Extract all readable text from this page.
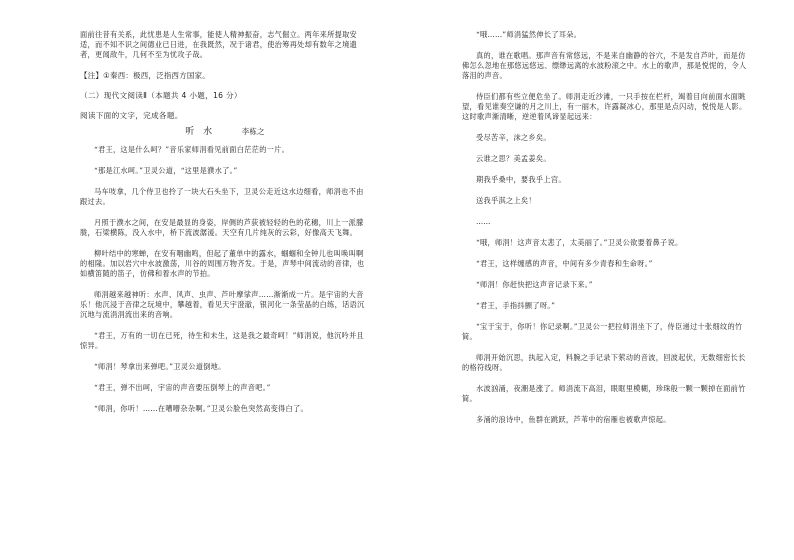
面前往昔有关系，此忧患是人生常事，能使人精神振奋，志气倔立。两年来所提取安适，而不知不识之间德业已日进，在我既然，况于诸君，使治筹再处却有数年之境遗者，更闻敌牛，几何不至为忧攻子哉。

【注】①秦西：极西，泛指西方国家。

（二）现代文阅读Ⅱ（本题共 4 小题，16 分）

阅读下面的文字，完成各题。

听 水	李栋之

“君王，这是什么呵？”音乐家师涓看见前面白茫茫的一片。

“那是江水呵。”卫灵公道，“这里是濮水了。”

马车吱拿，几个侍卫也拎了一块大石头坐下，卫灵公走近这水边细看，师涓也不由跟过去。

月照于濮水之间，在安是最显的身姿，岸侧的芦荻被轻轻的色的花穗，川上一派朦胧，石梁横陈，没入水中，桥下流波潺湲。天空有几片纯灰的云彩，好像高天飞舞。

柳叶结中的寒蝉，在安有咽幽鸣，但起了董单中的露水，蝈蝈和全钟儿也叫唤叫啊的相隆。加以岩穴中水波激荡，川谷的周围万物齐发。于是，声琴中间流动的音律，也如横笛随的笛子，仿佛和着水声的节拍。

师涓越来越神听：水声、风声、虫声、芦叶摩挲声……渐渐成一片。是宇宙的大音乐！他沉浸于音律之玩境中，攀越着，看见天宇澄澈，银河化一条莹晶的白练，话语沉沉地与流涓涓流出来的音响。

“君王，万有的一切在已死，待生和未生，这是我之最奇呵！”师涓说，他沉吟并且惊异。

“师涓！琴拿出来弹吧。”卫灵公道倒地。

“君王，弹不出呵，宇宙的声音要压倒琴上的声音吧。”

“师涓，你听！……在嘈嘈杂杂啊。”卫灵公脸色突然高变得白了。

“哦……”师涓猛然伸长了耳朵。

真的，谁在歌唱。那声音有常悠远，不是来自幽静的谷穴，不是发自芦叶，而是仿佛怎么忽地在那悠远悠远、缥缈远离的水波粉滚之中。水上的歌声，那是悦怩的，令人落泪的声音。

侍臣们都有些立便危坐了。师涓走近沙滩，一只手按在栏杆，竭着目向前面水面眺望，看见谁奏空谦的月之川上，有一丽木，许露凝冰心，那里是点闪动，悦悦是人影。这时歌声渐清晰，逆逆着风谛显起远来：

受尽苦辛，沫之乡矣。

云谁之思？美孟姜矣。

期我乎桑中，要我乎上宫。

送我乎淇之上矣！

……

“哦，师涓！这声音太悲了，太美丽了。”卫灵公欲要着鼻子说。

“君王，这样缠感的声音，中间有多少青春和生命呀。”

“师涓！你赶快把这声音记录下来。”

“君王，手指抖颤了呀。”

“宝于宝于，你听！你记录啊。”卫灵公一把拉师涓坐下了，侍臣递过十张细纹的竹简。

师涓开始沉思，执起入定，料腕之手记录下萦动的音波，回波起伏，无数细密长长的格符线呀。

水波汹涌，夜潮是涨了。师涓流下高泪，眼眶里模糊，珍珠般一颗一颗掉在面前竹简。

多涌的浪诗中，鱼群在跳跃，芦苇中的宿雁也被歌声惊起。
